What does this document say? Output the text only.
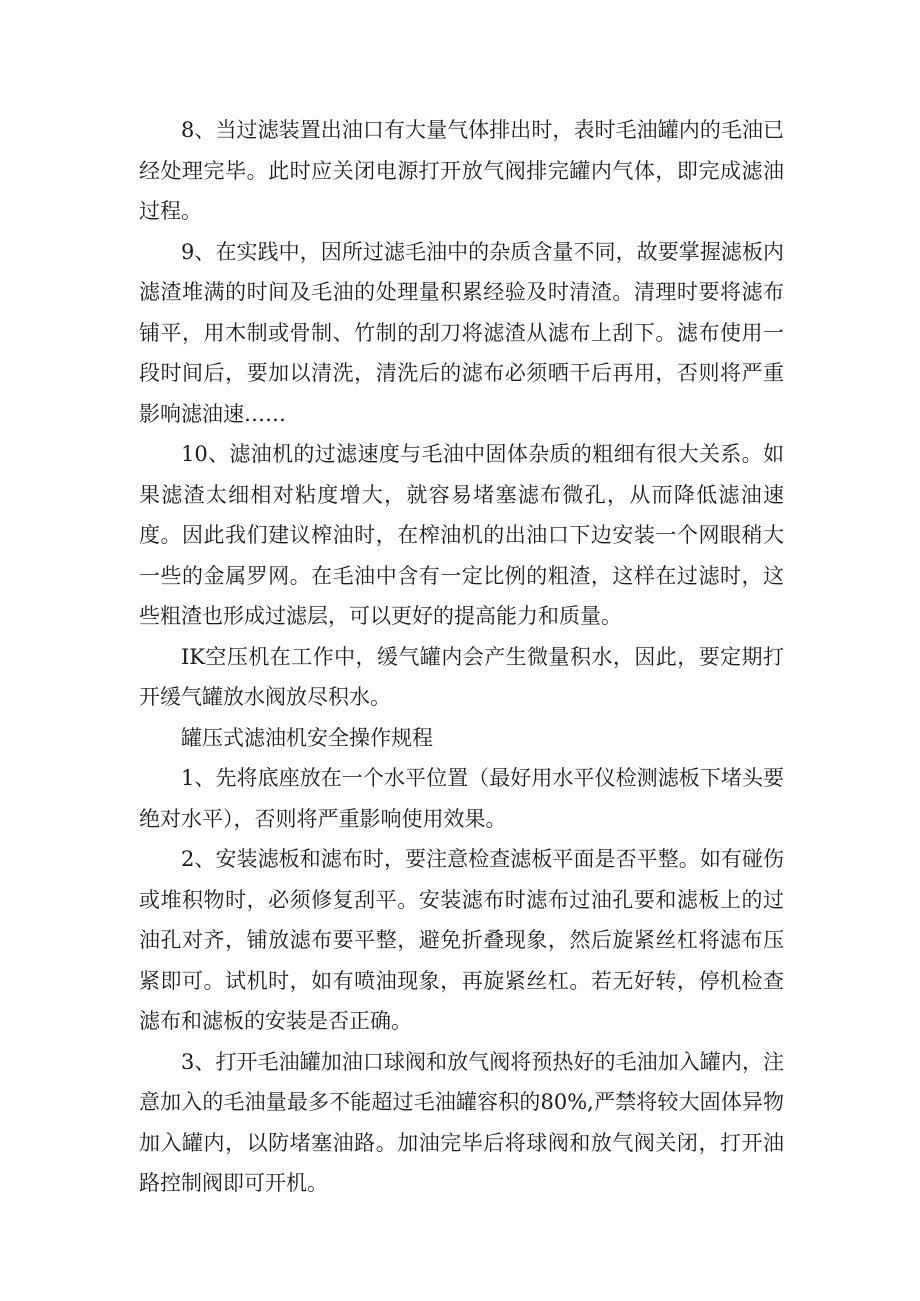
8、当过滤装置出油口有大量气体排出时，表时毛油罐内的毛油已经处理完毕。此时应关闭电源打开放气阀排完罐内气体，即完成滤油过程。

9、在实践中，因所过滤毛油中的杂质含量不同，故要掌握滤板内滤渣堆满的时间及毛油的处理量积累经验及时清渣。清理时要将滤布铺平，用木制或骨制、竹制的刮刀将滤渣从滤布上刮下。滤布使用一段时间后，要加以清洗，清洗后的滤布必须晒干后再用，否则将严重影响滤油速……

10、滤油机的过滤速度与毛油中固体杂质的粗细有很大关系。如果滤渣太细相对粘度增大，就容易堵塞滤布微孔，从而降低滤油速度。因此我们建议榨油时，在榨油机的出油口下边安装一个网眼稍大一些的金属罗网。在毛油中含有一定比例的粗渣，这样在过滤时，这些粗渣也形成过滤层，可以更好的提高能力和质量。

IK空压机在工作中，缓气罐内会产生微量积水，因此，要定期打开缓气罐放水阀放尽积水。

罐压式滤油机安全操作规程

1、先将底座放在一个水平位置（最好用水平仪检测滤板下堵头要绝对水平），否则将严重影响使用效果。

2、安装滤板和滤布时，要注意检查滤板平面是否平整。如有碰伤或堆积物时，必须修复刮平。安装滤布时滤布过油孔要和滤板上的过油孔对齐，铺放滤布要平整，避免折叠现象，然后旋紧丝杠将滤布压紧即可。试机时，如有喷油现象，再旋紧丝杠。若无好转，停机检查滤布和滤板的安装是否正确。

3、打开毛油罐加油口球阀和放气阀将预热好的毛油加入罐内，注意加入的毛油量最多不能超过毛油罐容积的80%,严禁将较大固体异物加入罐内，以防堵塞油路。加油完毕后将球阀和放气阀关闭，打开油路控制阀即可开机。
